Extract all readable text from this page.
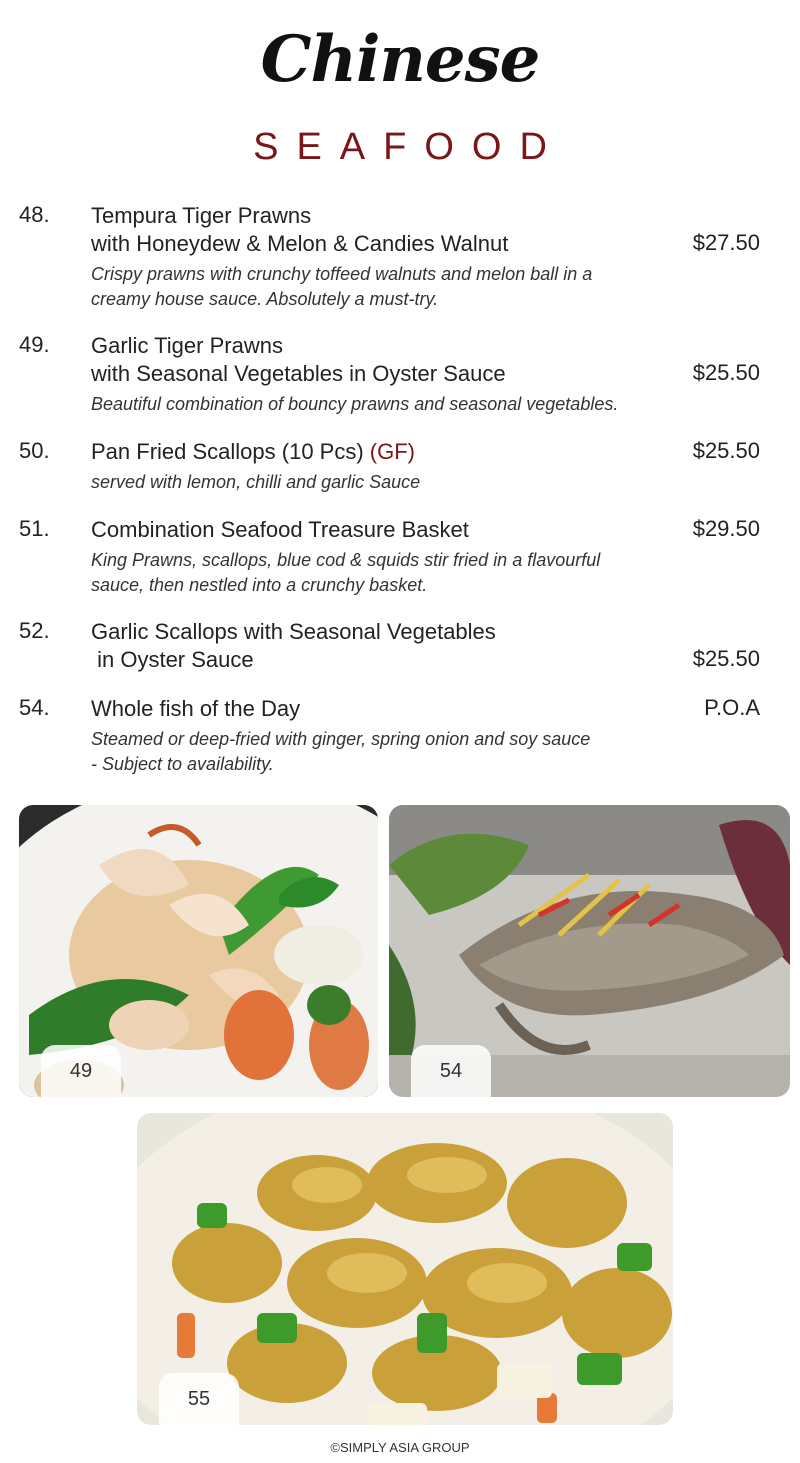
Chinese
SEAFOOD
48. Tempura Tiger Prawns
with Honeydew & Melon & Candies Walnut	$27.50
Crispy prawns with crunchy toffeed walnuts and melon ball in a
creamy house sauce. Absolutely a must-try.
49. Garlic Tiger Prawns
with Seasonal Vegetables in Oyster Sauce	$25.50
Beautiful combination of bouncy prawns and seasonal vegetables.
50. Pan Fried Scallops (10 Pcs) (GF)	$25.50
served with lemon, chilli and garlic Sauce
51. Combination Seafood Treasure Basket	$29.50
King Prawns, scallops, blue cod & squids stir fried in a flavourful
sauce, then nestled into a crunchy basket.
52. Garlic Scallops with Seasonal Vegetables
in Oyster Sauce	$25.50
54. Whole fish of the Day	P.O.A
Steamed or deep-fried with ginger, spring onion and soy sauce
- Subject to availability.
49	54
55
©SIMPLY ASIA GROUP
